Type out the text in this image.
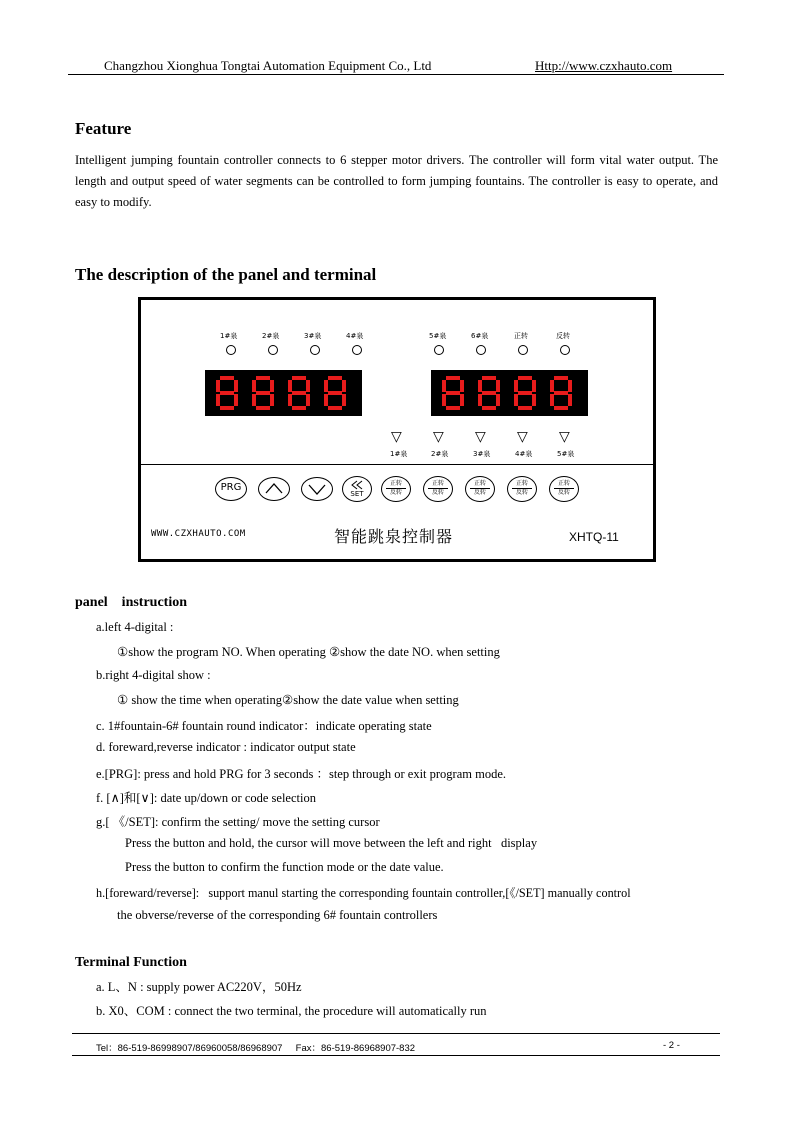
Changzhou Xionghua Tongtai Automation Equipment Co., Ltd	Http://www.czxhauto.com
Feature
Intelligent jumping fountain controller connects to 6 stepper motor drivers. The controller will form vital water output. The length and output speed of water segments can be controlled to form jumping fountains. The controller is easy to operate, and easy to modify.
The description of the panel and terminal
1#泉	2#泉	3#泉	4#泉	5#泉	6#泉	正转	反转
▽ ▽ ▽ ▽ ▽
1#泉	2#泉	3#泉	4#泉	5#泉
PRG
SET
正转
反转
正转
反转
正转
反转
正转
反转
正转
反转
WWW.CZXHAUTO.COM	智能跳泉控制器	XHTQ-11
panel    instruction
a.left 4-digital :
①show the program NO. When operating ②show the date NO. when setting
b.right 4-digital show :
① show the time when operating②show the date value when setting
c. 1#fountain-6# fountain round indicator：indicate operating state
d. foreward,reverse indicator : indicator output state
e.[PRG]: press and hold PRG for 3 seconds ：step through or exit program mode.
f. [∧]和[∨]: date up/down or code selection
g.[ 《/SET]: confirm the setting/ move the setting cursor
Press the button and hold, the cursor will move between the left and right   display
Press the button to confirm the function mode or the date value.
h.[foreward/reverse]:   support manul starting the corresponding fountain controller,[《/SET] manually control
the obverse/reverse of the corresponding 6# fountain controllers
Terminal Function
a. L、N : supply power AC220V，50Hz
b. X0、COM : connect the two terminal, the procedure will automatically run
Tel：86-519-86998907/86960058/86968907     Fax：86-519-86968907-832	- 2 -
